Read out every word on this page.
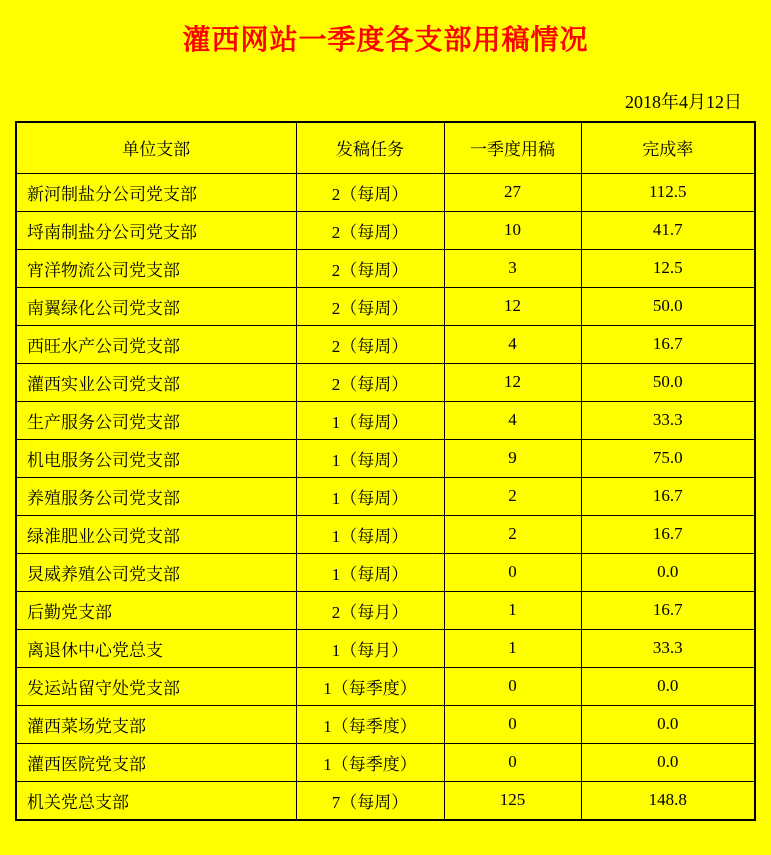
灌西网站一季度各支部用稿情况
2018年4月12日
单位支部	发稿任务	一季度用稿	完成率
新河制盐分公司党支部	2（每周）	27	112.5
埒南制盐分公司党支部	2（每周）	10	41.7
宵洋物流公司党支部	2（每周）	3	12.5
南翼绿化公司党支部	2（每周）	12	50.0
西旺水产公司党支部	2（每周）	4	16.7
灌西实业公司党支部	2（每周）	12	50.0
生产服务公司党支部	1（每周）	4	33.3
机电服务公司党支部	1（每周）	9	75.0
养殖服务公司党支部	1（每周）	2	16.7
绿淮肥业公司党支部	1（每周）	2	16.7
炅威养殖公司党支部	1（每周）	0	0.0
后勤党支部	2（每月）	1	16.7
离退休中心党总支	1（每月）	1	33.3
发运站留守处党支部	1（每季度）	0	0.0
灌西菜场党支部	1（每季度）	0	0.0
灌西医院党支部	1（每季度）	0	0.0
机关党总支部	7（每周）	125	148.8
